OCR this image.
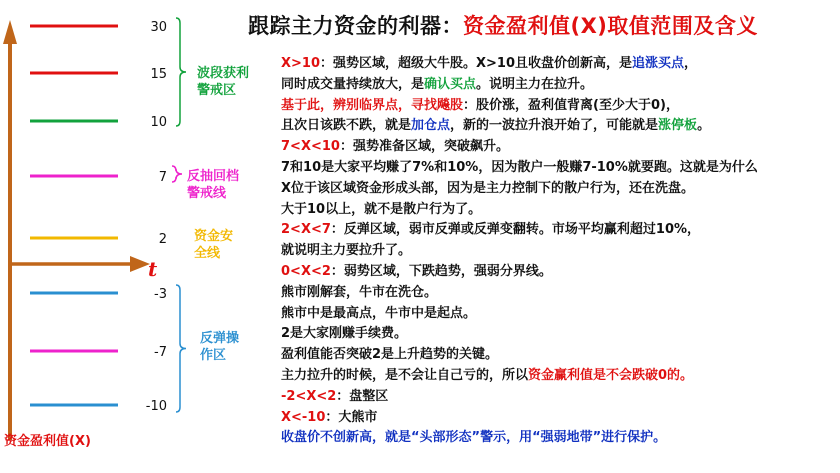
跟踪主力资金的利器：资金盈利值(X)取值范围及含义
t
资金盈利值(X)
30
15
10
7
2
-3
-7
-10
波段获利
警戒区
反抽回档
警戒线
资金安
全线
反弹操
作区
X>10：强势区域，超级大牛股。X>10且收盘价创新高，是追涨买点，
同时成交量持续放大，是确认买点。说明主力在拉升。
基于此，辨别临界点，寻找飚股：股价涨，盈利值背离(至少大于0)，
且次日该跌不跌，就是加仓点，新的一波拉升浪开始了，可能就是涨停板。
7<X<10：强势准备区域，突破飙升。
7和10是大家平均赚了7%和10%，因为散户一般赚7-10%就要跑。这就是为什么
X位于该区域资金形成头部，因为是主力控制下的散户行为，还在洗盘。
大于10以上，就不是散户行为了。
2<X<7：反弹区域，弱市反弹或反弹变翻转。市场平均赢利超过10%，
就说明主力要拉升了。
0<X<2：弱势区域，下跌趋势，强弱分界线。
熊市刚解套，牛市在洗仓。
熊市中是最高点，牛市中是起点。
2是大家刚赚手续费。
盈利值能否突破2是上升趋势的关键。
主力拉升的时候，是不会让自己亏的，所以资金赢利值是不会跌破0的。
-2<X<2：盘整区
X<-10：大熊市
收盘价不创新高，就是“头部形态”警示，用“强弱地带”进行保护。
